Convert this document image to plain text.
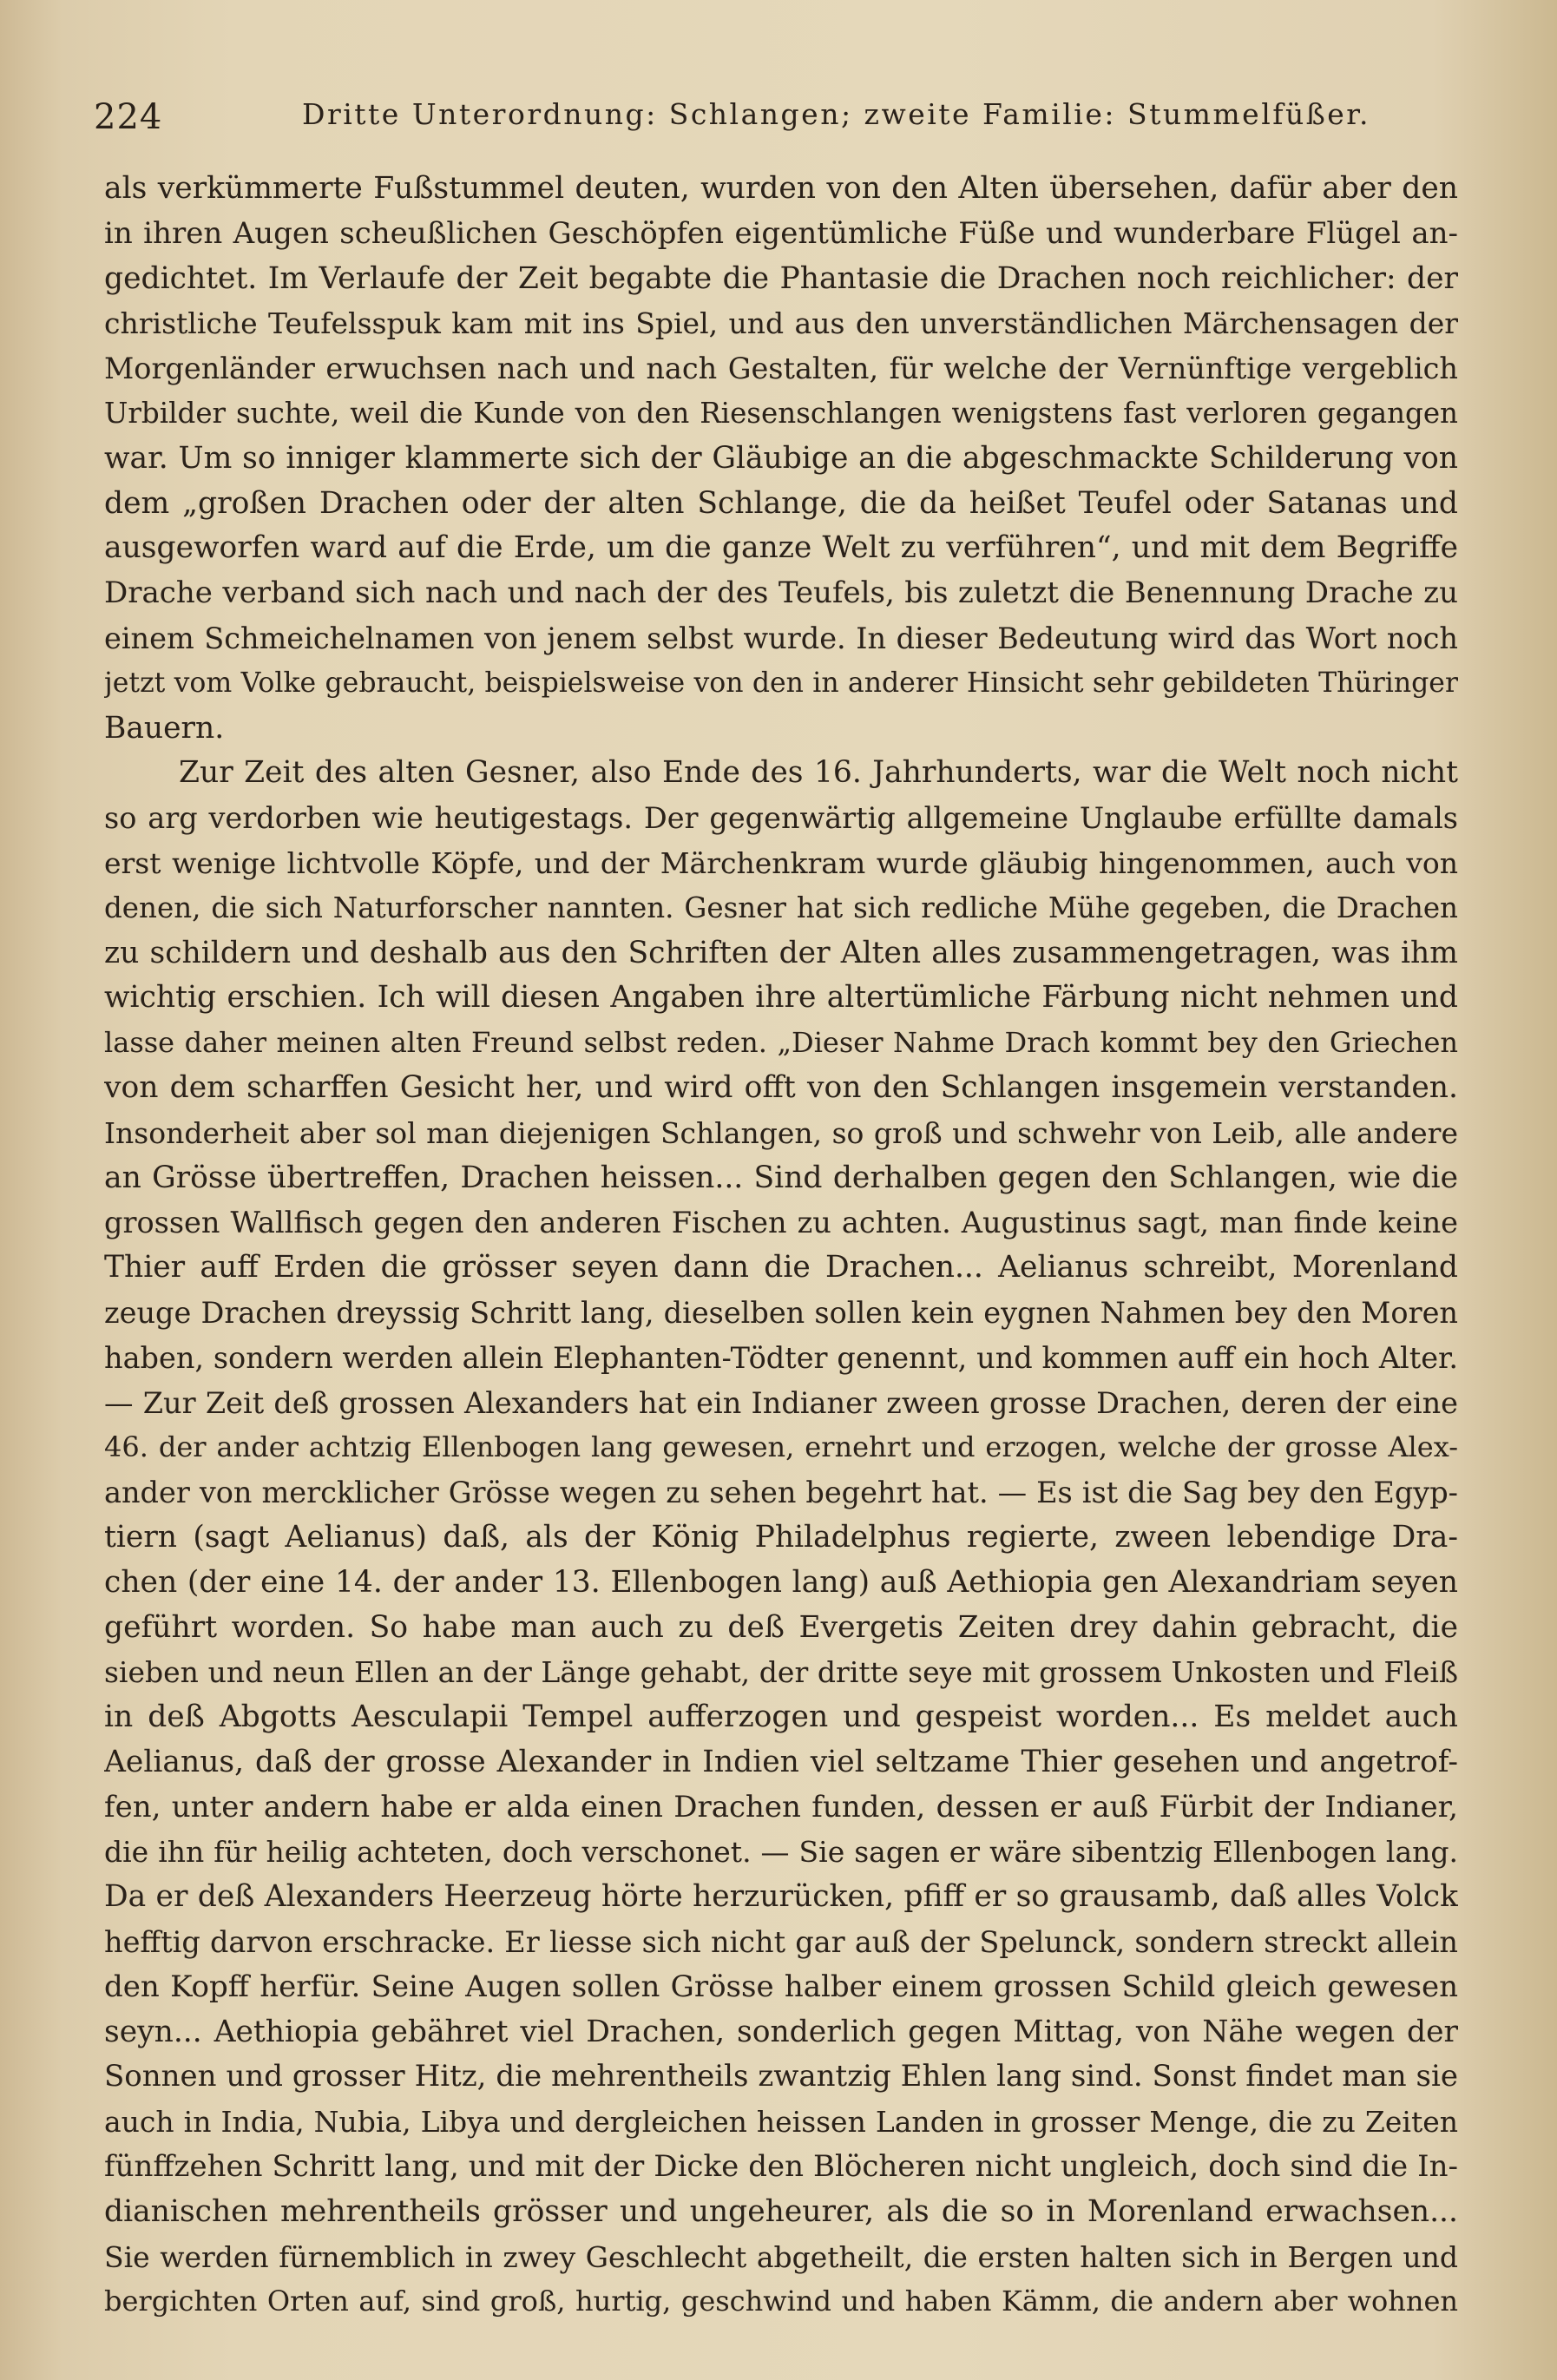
224	Dritte Unterordnung: Schlangen; zweite Familie: Stummelfüßer.
als verkümmerte Fußstummel deuten, wurden von den Alten übersehen, dafür aber den
in ihren Augen scheußlichen Geschöpfen eigentümliche Füße und wunderbare Flügel an-
gedichtet. Im Verlaufe der Zeit begabte die Phantasie die Drachen noch reichlicher: der
christliche Teufelsspuk kam mit ins Spiel, und aus den unverständlichen Märchensagen der
Morgenländer erwuchsen nach und nach Gestalten, für welche der Vernünftige vergeblich
Urbilder suchte, weil die Kunde von den Riesenschlangen wenigstens fast verloren gegangen
war. Um so inniger klammerte sich der Gläubige an die abgeschmackte Schilderung von
dem „großen Drachen oder der alten Schlange, die da heißet Teufel oder Satanas und
ausgeworfen ward auf die Erde, um die ganze Welt zu verführen“, und mit dem Begriffe
Drache verband sich nach und nach der des Teufels, bis zuletzt die Benennung Drache zu
einem Schmeichelnamen von jenem selbst wurde. In dieser Bedeutung wird das Wort noch
jetzt vom Volke gebraucht, beispielsweise von den in anderer Hinsicht sehr gebildeten Thüringer
Bauern.
Zur Zeit des alten Gesner, also Ende des 16. Jahrhunderts, war die Welt noch nicht
so arg verdorben wie heutigestags. Der gegenwärtig allgemeine Unglaube erfüllte damals
erst wenige lichtvolle Köpfe, und der Märchenkram wurde gläubig hingenommen, auch von
denen, die sich Naturforscher nannten. Gesner hat sich redliche Mühe gegeben, die Drachen
zu schildern und deshalb aus den Schriften der Alten alles zusammengetragen, was ihm
wichtig erschien. Ich will diesen Angaben ihre altertümliche Färbung nicht nehmen und
lasse daher meinen alten Freund selbst reden. „Dieser Nahme Drach kommt bey den Griechen
von dem scharffen Gesicht her, und wird offt von den Schlangen insgemein verstanden.
Insonderheit aber sol man diejenigen Schlangen, so groß und schwehr von Leib, alle andere
an Grösse übertreffen, Drachen heissen... Sind derhalben gegen den Schlangen, wie die
grossen Wallfisch gegen den anderen Fischen zu achten. Augustinus sagt, man finde keine
Thier auff Erden die grösser seyen dann die Drachen... Aelianus schreibt, Morenland
zeuge Drachen dreyssig Schritt lang, dieselben sollen kein eygnen Nahmen bey den Moren
haben, sondern werden allein Elephanten-Tödter genennt, und kommen auff ein hoch Alter.
— Zur Zeit deß grossen Alexanders hat ein Indianer zween grosse Drachen, deren der eine
46. der ander achtzig Ellenbogen lang gewesen, ernehrt und erzogen, welche der grosse Alex-
ander von mercklicher Grösse wegen zu sehen begehrt hat. — Es ist die Sag bey den Egyp-
tiern (sagt Aelianus) daß, als der König Philadelphus regierte, zween lebendige Dra-
chen (der eine 14. der ander 13. Ellenbogen lang) auß Aethiopia gen Alexandriam seyen
geführt worden. So habe man auch zu deß Evergetis Zeiten drey dahin gebracht, die
sieben und neun Ellen an der Länge gehabt, der dritte seye mit grossem Unkosten und Fleiß
in deß Abgotts Aesculapii Tempel aufferzogen und gespeist worden... Es meldet auch
Aelianus, daß der grosse Alexander in Indien viel seltzame Thier gesehen und angetrof-
fen, unter andern habe er alda einen Drachen funden, dessen er auß Fürbit der Indianer,
die ihn für heilig achteten, doch verschonet. — Sie sagen er wäre sibentzig Ellenbogen lang.
Da er deß Alexanders Heerzeug hörte herzurücken, pfiff er so grausamb, daß alles Volck
hefftig darvon erschracke. Er liesse sich nicht gar auß der Spelunck, sondern streckt allein
den Kopff herfür. Seine Augen sollen Grösse halber einem grossen Schild gleich gewesen
seyn... Aethiopia gebähret viel Drachen, sonderlich gegen Mittag, von Nähe wegen der
Sonnen und grosser Hitz, die mehrentheils zwantzig Ehlen lang sind. Sonst findet man sie
auch in India, Nubia, Libya und dergleichen heissen Landen in grosser Menge, die zu Zeiten
fünffzehen Schritt lang, und mit der Dicke den Blöcheren nicht ungleich, doch sind die In-
dianischen mehrentheils grösser und ungeheurer, als die so in Morenland erwachsen...
Sie werden fürnemblich in zwey Geschlecht abgetheilt, die ersten halten sich in Bergen und
bergichten Orten auf, sind groß, hurtig, geschwind und haben Kämm, die andern aber wohnen
